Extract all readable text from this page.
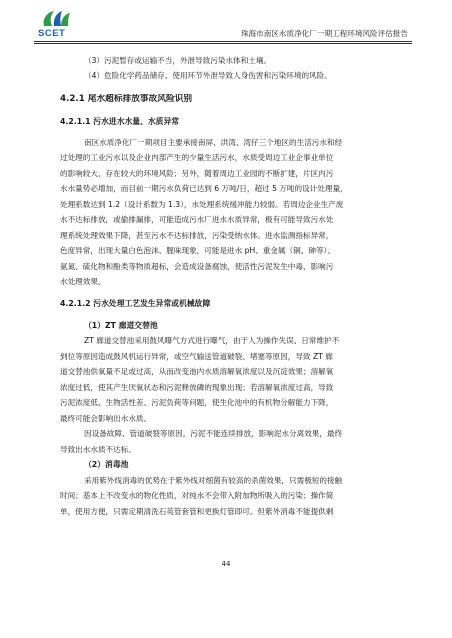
SCET	珠海市南区水质净化厂一期工程环境风险评估报告
（3）污泥暂存或运输不当，外泄导致污染水体和土壤。
（4）危险化学药品储存、使用环节外泄导致人身伤害和污染环境的风险。
4.2.1 尾水超标排放事故风险识别
4.2.1.1 污水进水水量、水质异常
南区水质净化厂一期项目主要承接南屏、洪湾、湾仔三个地区的生活污水和经
过处理的工业污水以及企业内部产生的少量生活污水，水质受周边工业企事业单位
的影响较大，存在较大的环境风险；另外，随着周边工业园的不断扩建，片区内污
水水量势必增加，而目前一期污水负荷已达到 6 万吨/日，超过 5 万吨的设计处理量，
处理系数达到 1.2（设计系数为 1.3），水处理系统缓冲能力较弱。若周边企业生产废
水不达标排放，或偷排漏排，可能造成污水厂进水水质异常，极有可能导致污水处
理系统处理效果下降，甚至污水不达标排放，污染受纳水体。进水监测指标异常，
色度异常，出现大量白色泡沫、腥味现象，可能是进水 pH、重金属（铜、砷等）、
氨氮、硫化物和酚类等物质超标，会造成设备腐蚀，使活性污泥发生中毒，影响污
水处理效果。
4.2.1.2 污水处理工艺发生异常或机械故障
（1）ZT 廊道交替池
ZT 廊道交替池采用鼓风曝气方式进行曝气，由于人为操作失误、日常维护不
到位等原因造成鼓风机运行异常，或空气输送管道破裂、堵塞等原因，导致 ZT 廊
道交替池供氧量不足或过高，从而改变池内水质溶解氧浓度以及沉淀效果；溶解氧
浓度过低，使其产生厌氧状态和污泥释放磷的现象出现；若溶解氧浓度过高，导致
污泥浓度低、生物活性差、污泥负荷等问题，使生化池中的有机物分解能力下降，
最终可能会影响出水水质。
因设备故障、管道破裂等原因，污泥不能连续排放，影响泥水分离效果，最终
导致出水水质不达标。
（2）消毒池
采用紫外线消毒的优势在于紫外线对细菌有较高的杀菌效果，只需极短的接触
时间；基本上不改变水的物化性质，对纯水不会带入附加物所吸入的污染；操作简
单，使用方便，只需定期清洗石英管套管和更换灯管即可。但紫外消毒不能提供剩
44
